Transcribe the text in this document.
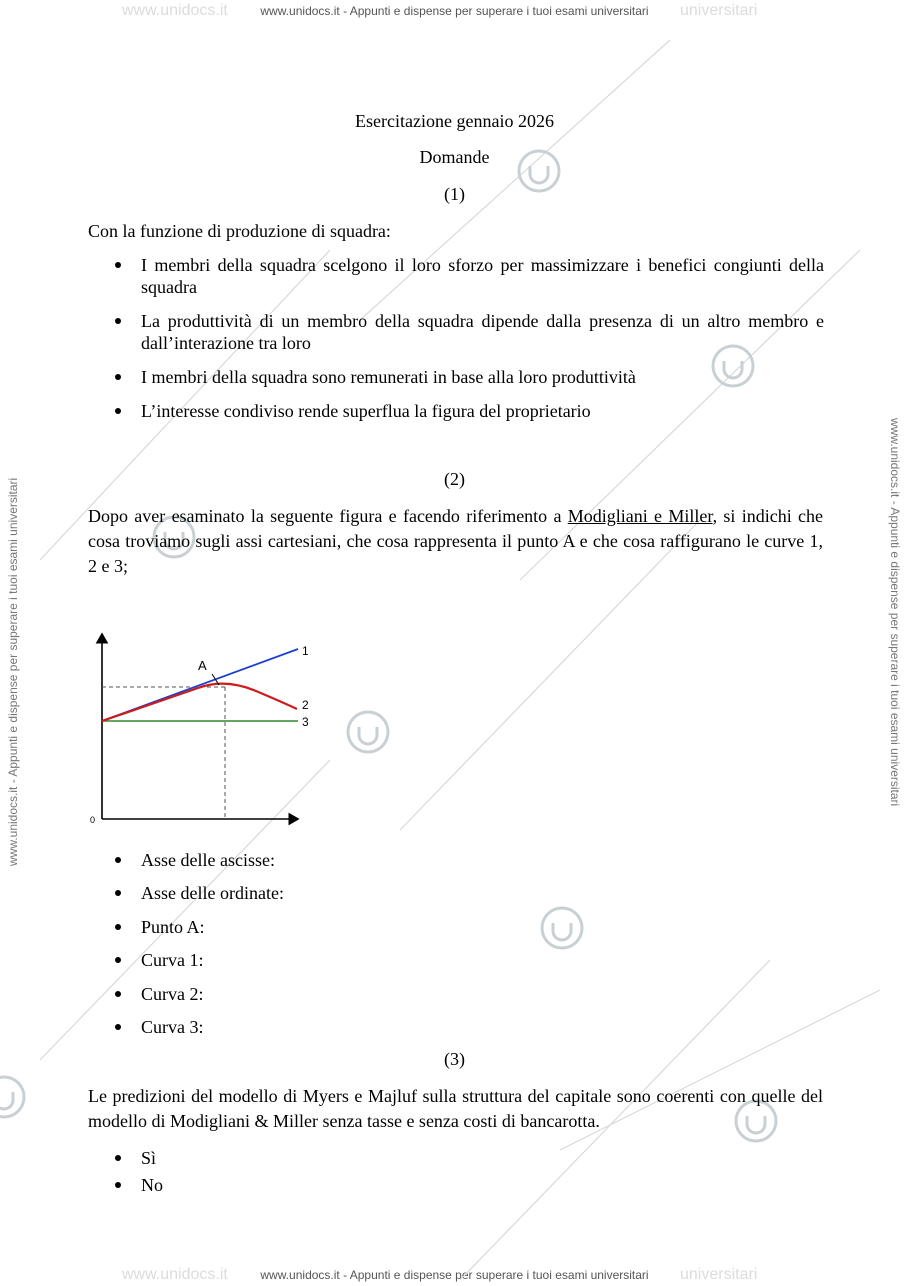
www.unidocs.it	universitari
www.unidocs.it - Appunti e dispense per superare i tuoi esami universitari
www.unidocs.it	universitari
www.unidocs.it - Appunti e dispense per superare i tuoi esami universitari
www.unidocs.it - Appunti e dispense per superare i tuoi esami universitari	www.unidocs.it - Appunti e dispense per superare i tuoi esami universitari
Esercitazione gennaio 2026
Domande
(1)
Con la funzione di produzione di squadra:
I membri della squadra scelgono il loro sforzo per massimizzare i benefici congiunti della squadra
La produttività di un membro della squadra dipende dalla presenza di un altro membro e dall’interazione tra loro
I membri della squadra sono remunerati in base alla loro produttività
L’interesse condiviso rende superflua la figura del proprietario
(2)
Dopo aver esaminato la seguente figura e facendo riferimento a Modigliani e Miller, si indichi che cosa troviamo sugli assi cartesiani, che cosa rappresenta il punto A e che cosa raffigurano le curve 1, 2 e 3;
A
1
2
3
0
Asse delle ascisse:
Asse delle ordinate:
Punto A:
Curva 1:
Curva 2:
Curva 3:
(3)
Le predizioni del modello di Myers e Majluf sulla struttura del capitale sono coerenti con quelle del modello di Modigliani & Miller senza tasse e senza costi di bancarotta.
Sì
No
